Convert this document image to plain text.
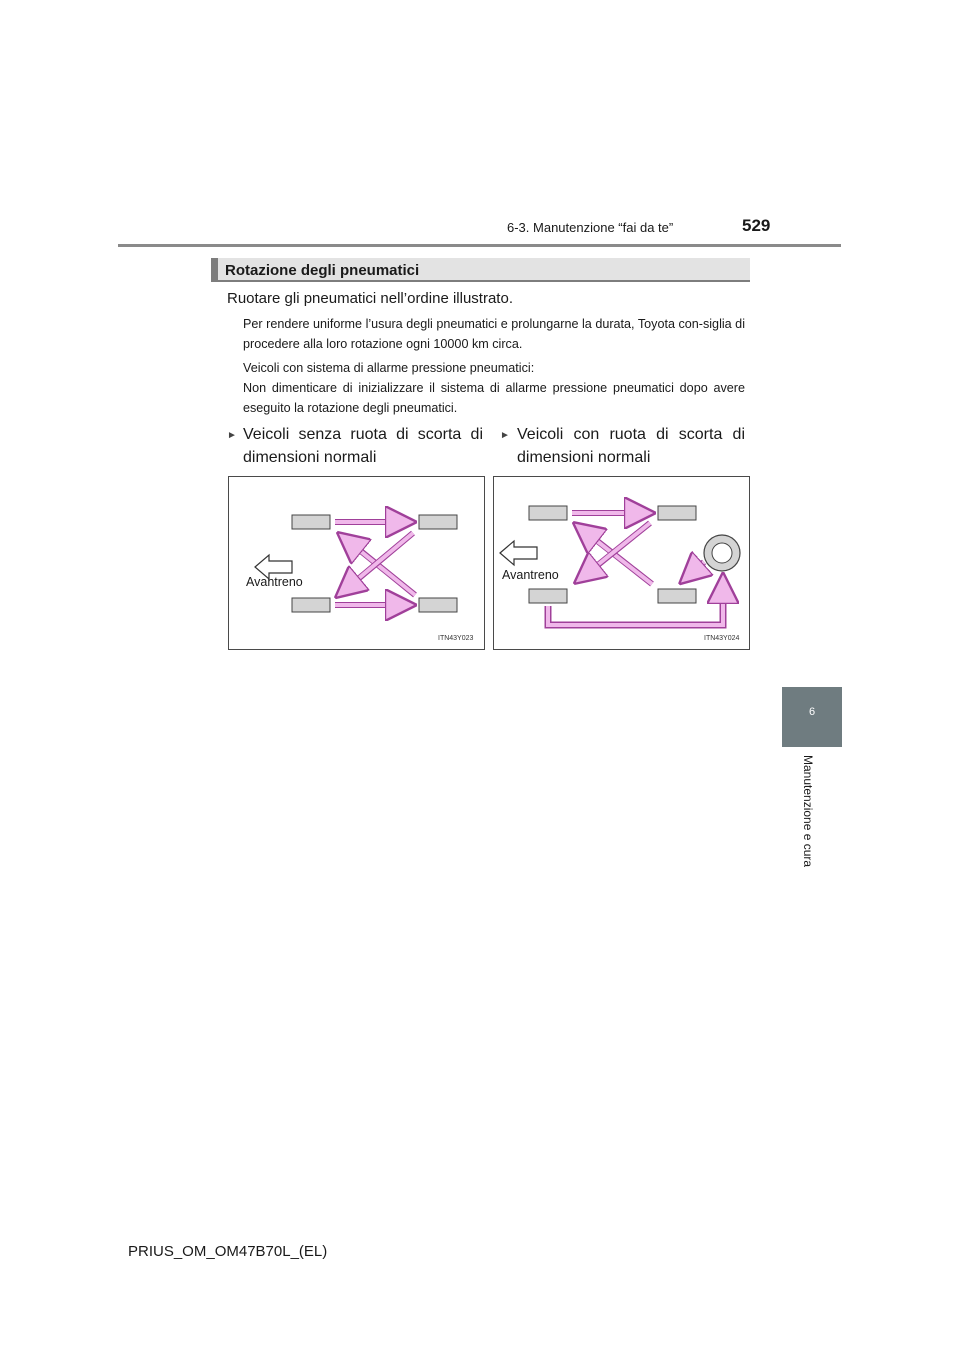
6-3. Manutenzione “fai da te”	529
Rotazione degli pneumatici
Ruotare gli pneumatici nell’ordine illustrato.
Per rendere uniforme l’usura degli pneumatici e prolungarne la durata, Toyota con-siglia di procedere alla loro rotazione ogni 10000 km circa.
Veicoli con sistema di allarme pressione pneumatici:
Non dimenticare di inizializzare il sistema di allarme pressione pneumatici dopo avere eseguito la rotazione degli pneumatici.
► Veicoli senza ruota di scorta di dimensioni normali
► Veicoli con ruota di scorta di dimensioni normali
Avantreno
ITN43Y023
Avantreno
ITN43Y024
6
Manutenzione e cura
PRIUS_OM_OM47B70L_(EL)
